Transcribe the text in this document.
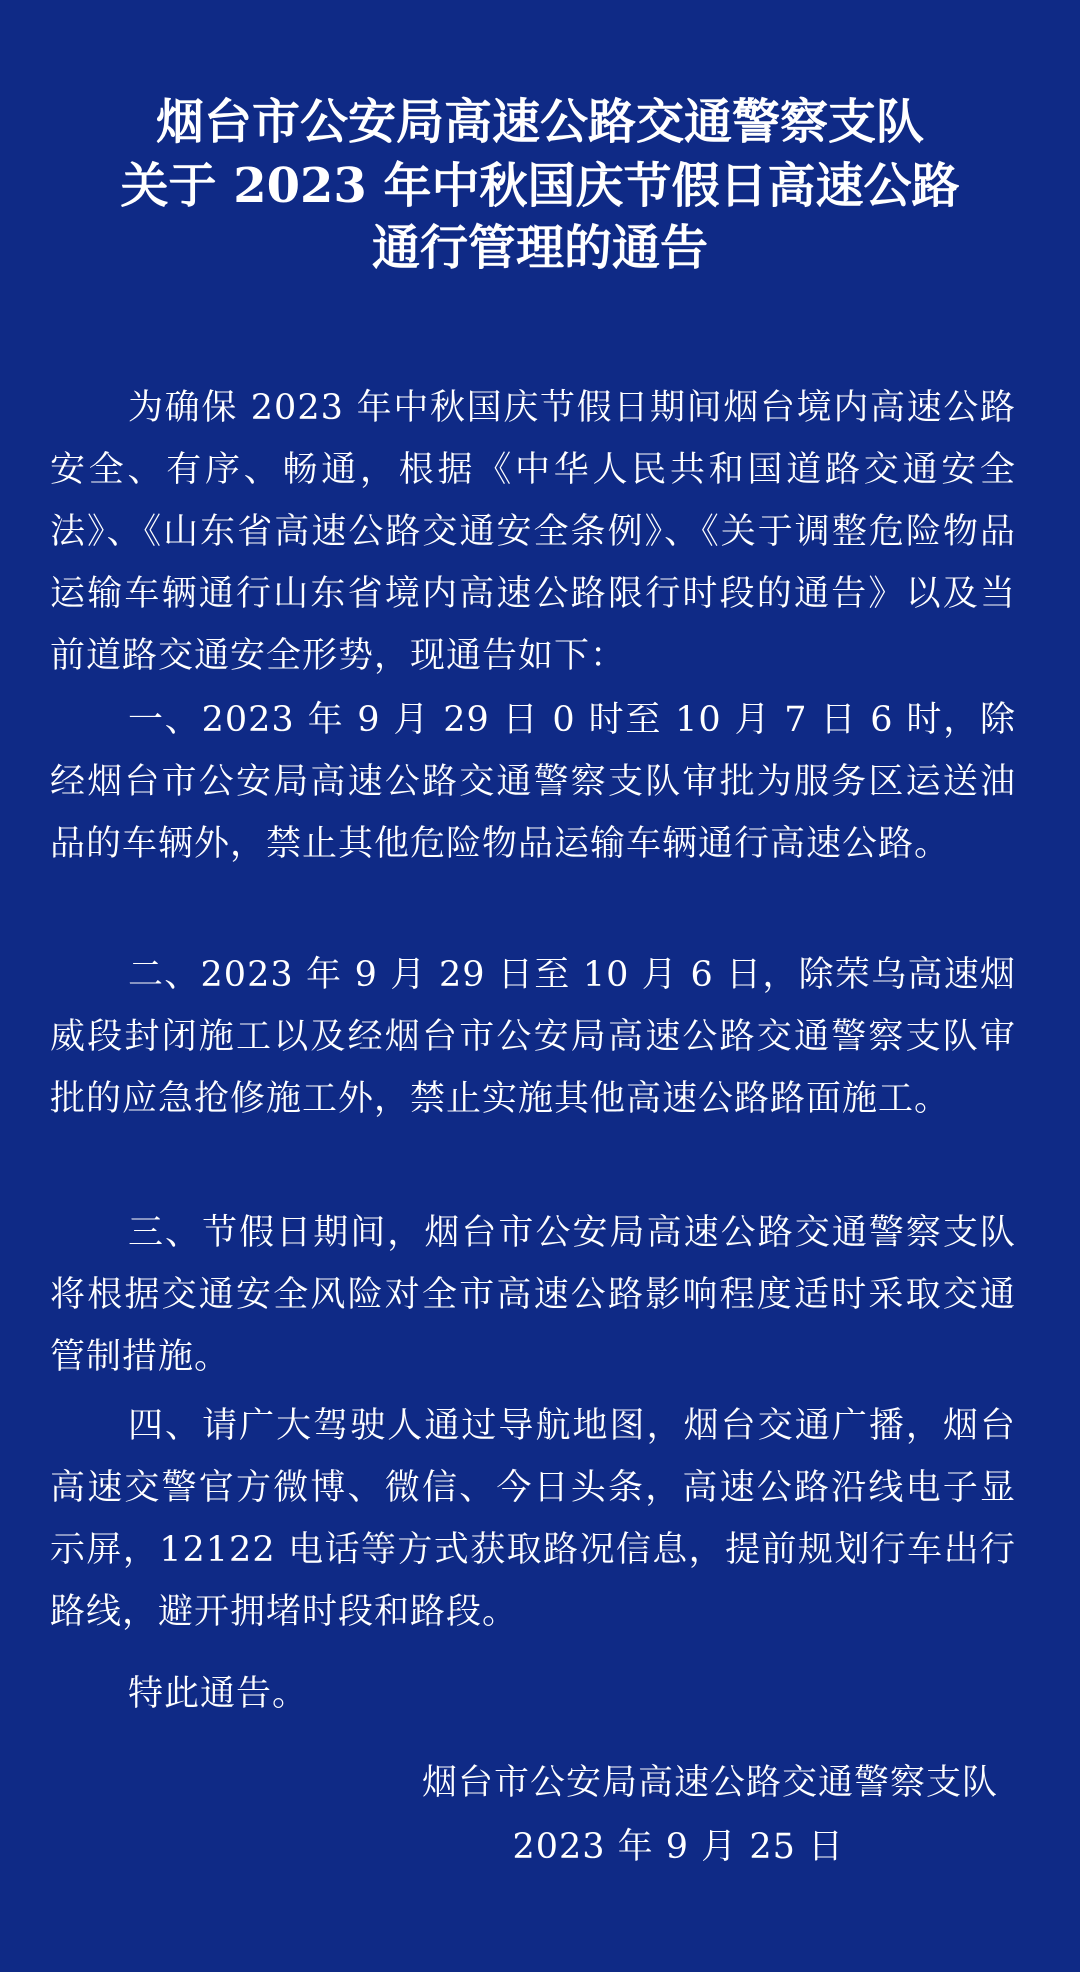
烟台市公安局高速公路交通警察支队
关于 2023 年中秋国庆节假日高速公路
通行管理的通告

为确保 2023 年中秋国庆节假日期间烟台境内高速公路安全、有序、畅通，根据《中华人民共和国道路交通安全法》、《山东省高速公路交通安全条例》、《关于调整危险物品运输车辆通行山东省境内高速公路限行时段的通告》以及当前道路交通安全形势，现通告如下：

一、2023 年 9 月 29 日 0 时至 10 月 7 日 6 时，除经烟台市公安局高速公路交通警察支队审批为服务区运送油品的车辆外，禁止其他危险物品运输车辆通行高速公路。

二、2023 年 9 月 29 日至 10 月 6 日，除荣乌高速烟威段封闭施工以及经烟台市公安局高速公路交通警察支队审批的应急抢修施工外，禁止实施其他高速公路路面施工。

三、节假日期间，烟台市公安局高速公路交通警察支队将根据交通安全风险对全市高速公路影响程度适时采取交通管制措施。

四、请广大驾驶人通过导航地图，烟台交通广播，烟台高速交警官方微博、微信、今日头条，高速公路沿线电子显示屏，12122 电话等方式获取路况信息，提前规划行车出行路线，避开拥堵时段和路段。

特此通告。

烟台市公安局高速公路交通警察支队
2023 年 9 月 25 日
